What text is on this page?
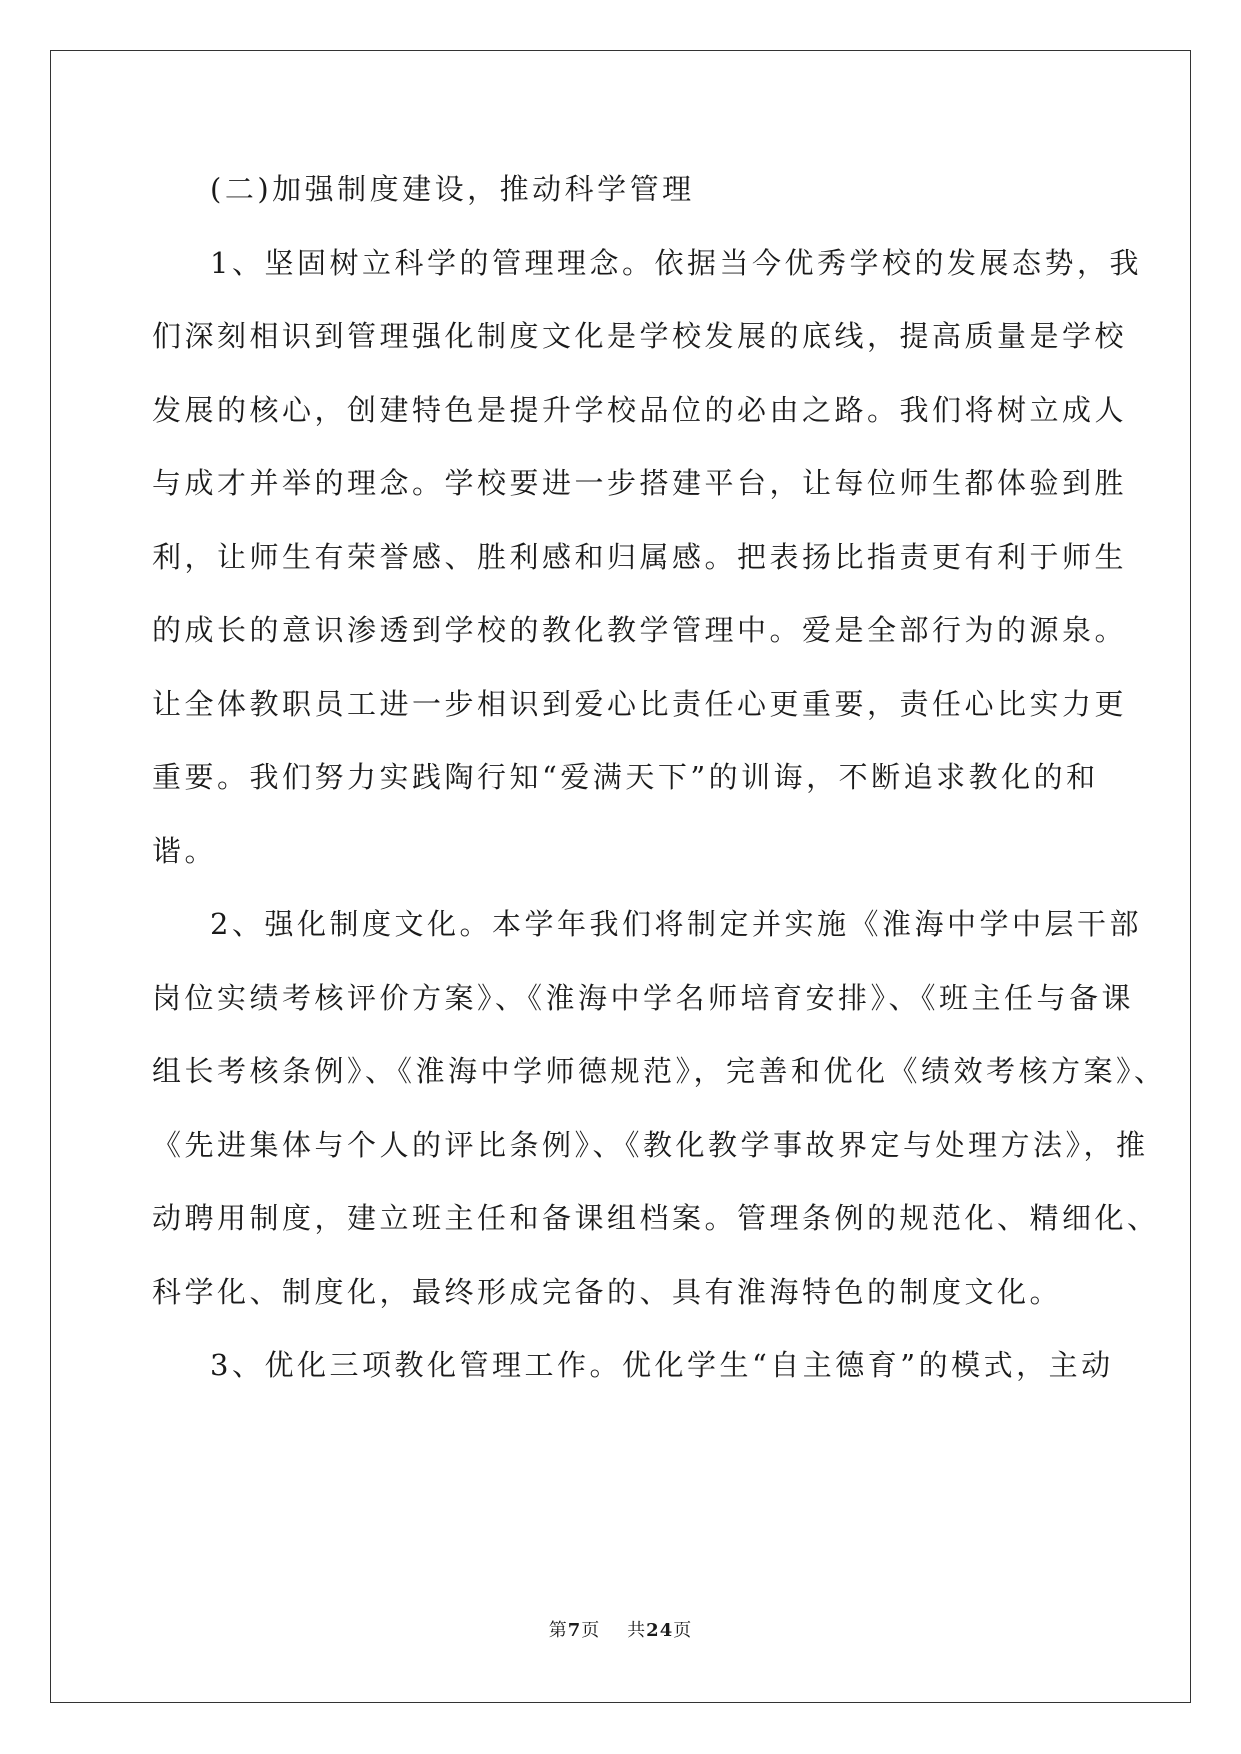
(二)加强制度建设，推动科学管理
1、坚固树立科学的管理理念。依据当今优秀学校的发展态势，我
们深刻相识到管理强化制度文化是学校发展的底线，提高质量是学校
发展的核心，创建特色是提升学校品位的必由之路。我们将树立成人
与成才并举的理念。学校要进一步搭建平台，让每位师生都体验到胜
利，让师生有荣誉感、胜利感和归属感。把表扬比指责更有利于师生
的成长的意识渗透到学校的教化教学管理中。爱是全部行为的源泉。
让全体教职员工进一步相识到爱心比责任心更重要，责任心比实力更
重要。我们努力实践陶行知“爱满天下”的训诲，不断追求教化的和
谐。
2、强化制度文化。本学年我们将制定并实施《淮海中学中层干部
岗位实绩考核评价方案》、《淮海中学名师培育安排》、《班主任与备课
组长考核条例》、《淮海中学师德规范》，完善和优化《绩效考核方案》、
《先进集体与个人的评比条例》、《教化教学事故界定与处理方法》，推
动聘用制度，建立班主任和备课组档案。管理条例的规范化、精细化、
科学化、制度化，最终形成完备的、具有淮海特色的制度文化。
3、优化三项教化管理工作。优化学生“自主德育”的模式，主动
第7页 共24页
